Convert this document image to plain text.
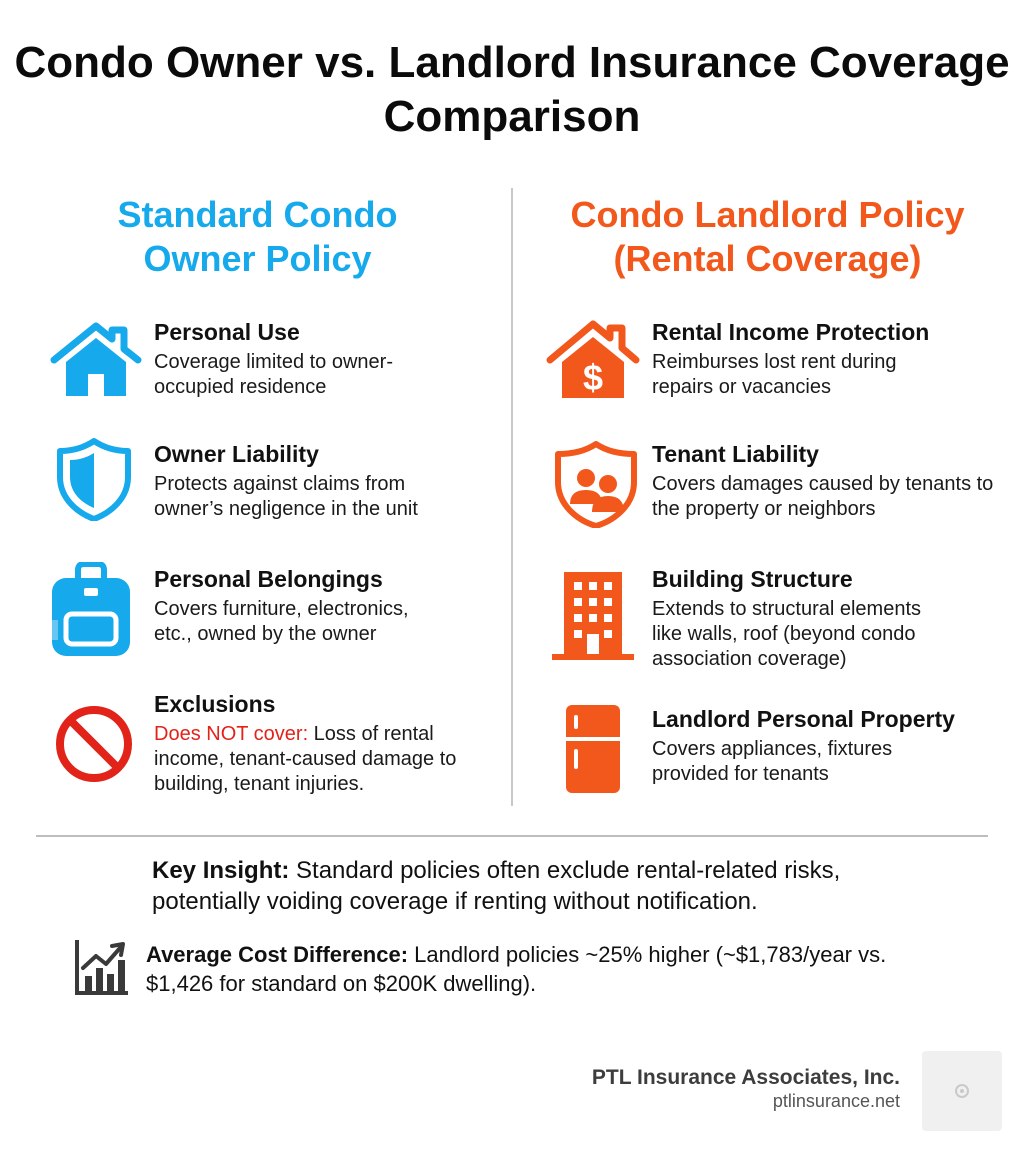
Condo Owner vs. Landlord Insurance Coverage Comparison
Standard Condo Owner Policy
Condo Landlord Policy (Rental Coverage)
Personal Use
Coverage limited to owner-occupied residence
Owner Liability
Protects against claims from owner’s negligence in the unit
Personal Belongings
Covers furniture, electronics, etc., owned by the owner
Exclusions
Does NOT cover: Loss of rental income, tenant-caused damage to building, tenant injuries.
$
Rental Income Protection
Reimburses lost rent during repairs or vacancies
Tenant Liability
Covers damages caused by tenants to the property or neighbors
Building Structure
Extends to structural elements like walls, roof (beyond condo association coverage)
Landlord Personal Property
Covers appliances, fixtures provided for tenants
Key Insight: Standard policies often exclude rental-related risks, potentially voiding coverage if renting without notification.
Average Cost Difference: Landlord policies ~25% higher (~$1,783/year vs. $1,426 for standard on $200K dwelling).
PTL Insurance Associates, Inc.
ptlinsurance.net
